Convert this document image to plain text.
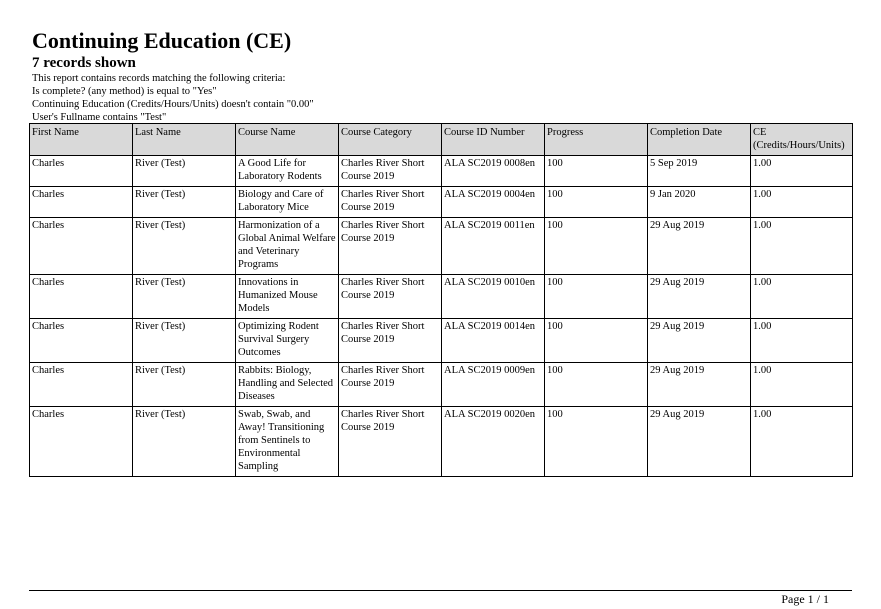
Continuing Education (CE)
7 records shown
This report contains records matching the following criteria:
Is complete? (any method) is equal to "Yes"
Continuing Education (Credits/Hours/Units) doesn't contain "0.00"
User's Fullname contains "Test"
First Name	Last Name	Course Name	Course Category	Course ID Number	Progress	Completion Date	CE (Credits/Hours/Units)
Charles	River (Test)	A Good Life for Laboratory Rodents	Charles River Short Course 2019	ALA SC2019 0008en	100	5 Sep 2019	1.00
Charles	River (Test)	Biology and Care of Laboratory Mice	Charles River Short Course 2019	ALA SC2019 0004en	100	9 Jan 2020	1.00
Charles	River (Test)	Harmonization of a Global Animal Welfare and Veterinary Programs	Charles River Short Course 2019	ALA SC2019 0011en	100	29 Aug 2019	1.00
Charles	River (Test)	Innovations in Humanized Mouse Models	Charles River Short Course 2019	ALA SC2019 0010en	100	29 Aug 2019	1.00
Charles	River (Test)	Optimizing Rodent Survival Surgery Outcomes	Charles River Short Course 2019	ALA SC2019 0014en	100	29 Aug 2019	1.00
Charles	River (Test)	Rabbits: Biology, Handling and Selected Diseases	Charles River Short Course 2019	ALA SC2019 0009en	100	29 Aug 2019	1.00
Charles	River (Test)	Swab, Swab, and Away! Transitioning from Sentinels to Environmental Sampling	Charles River Short Course 2019	ALA SC2019 0020en	100	29 Aug 2019	1.00
Page 1 / 1
